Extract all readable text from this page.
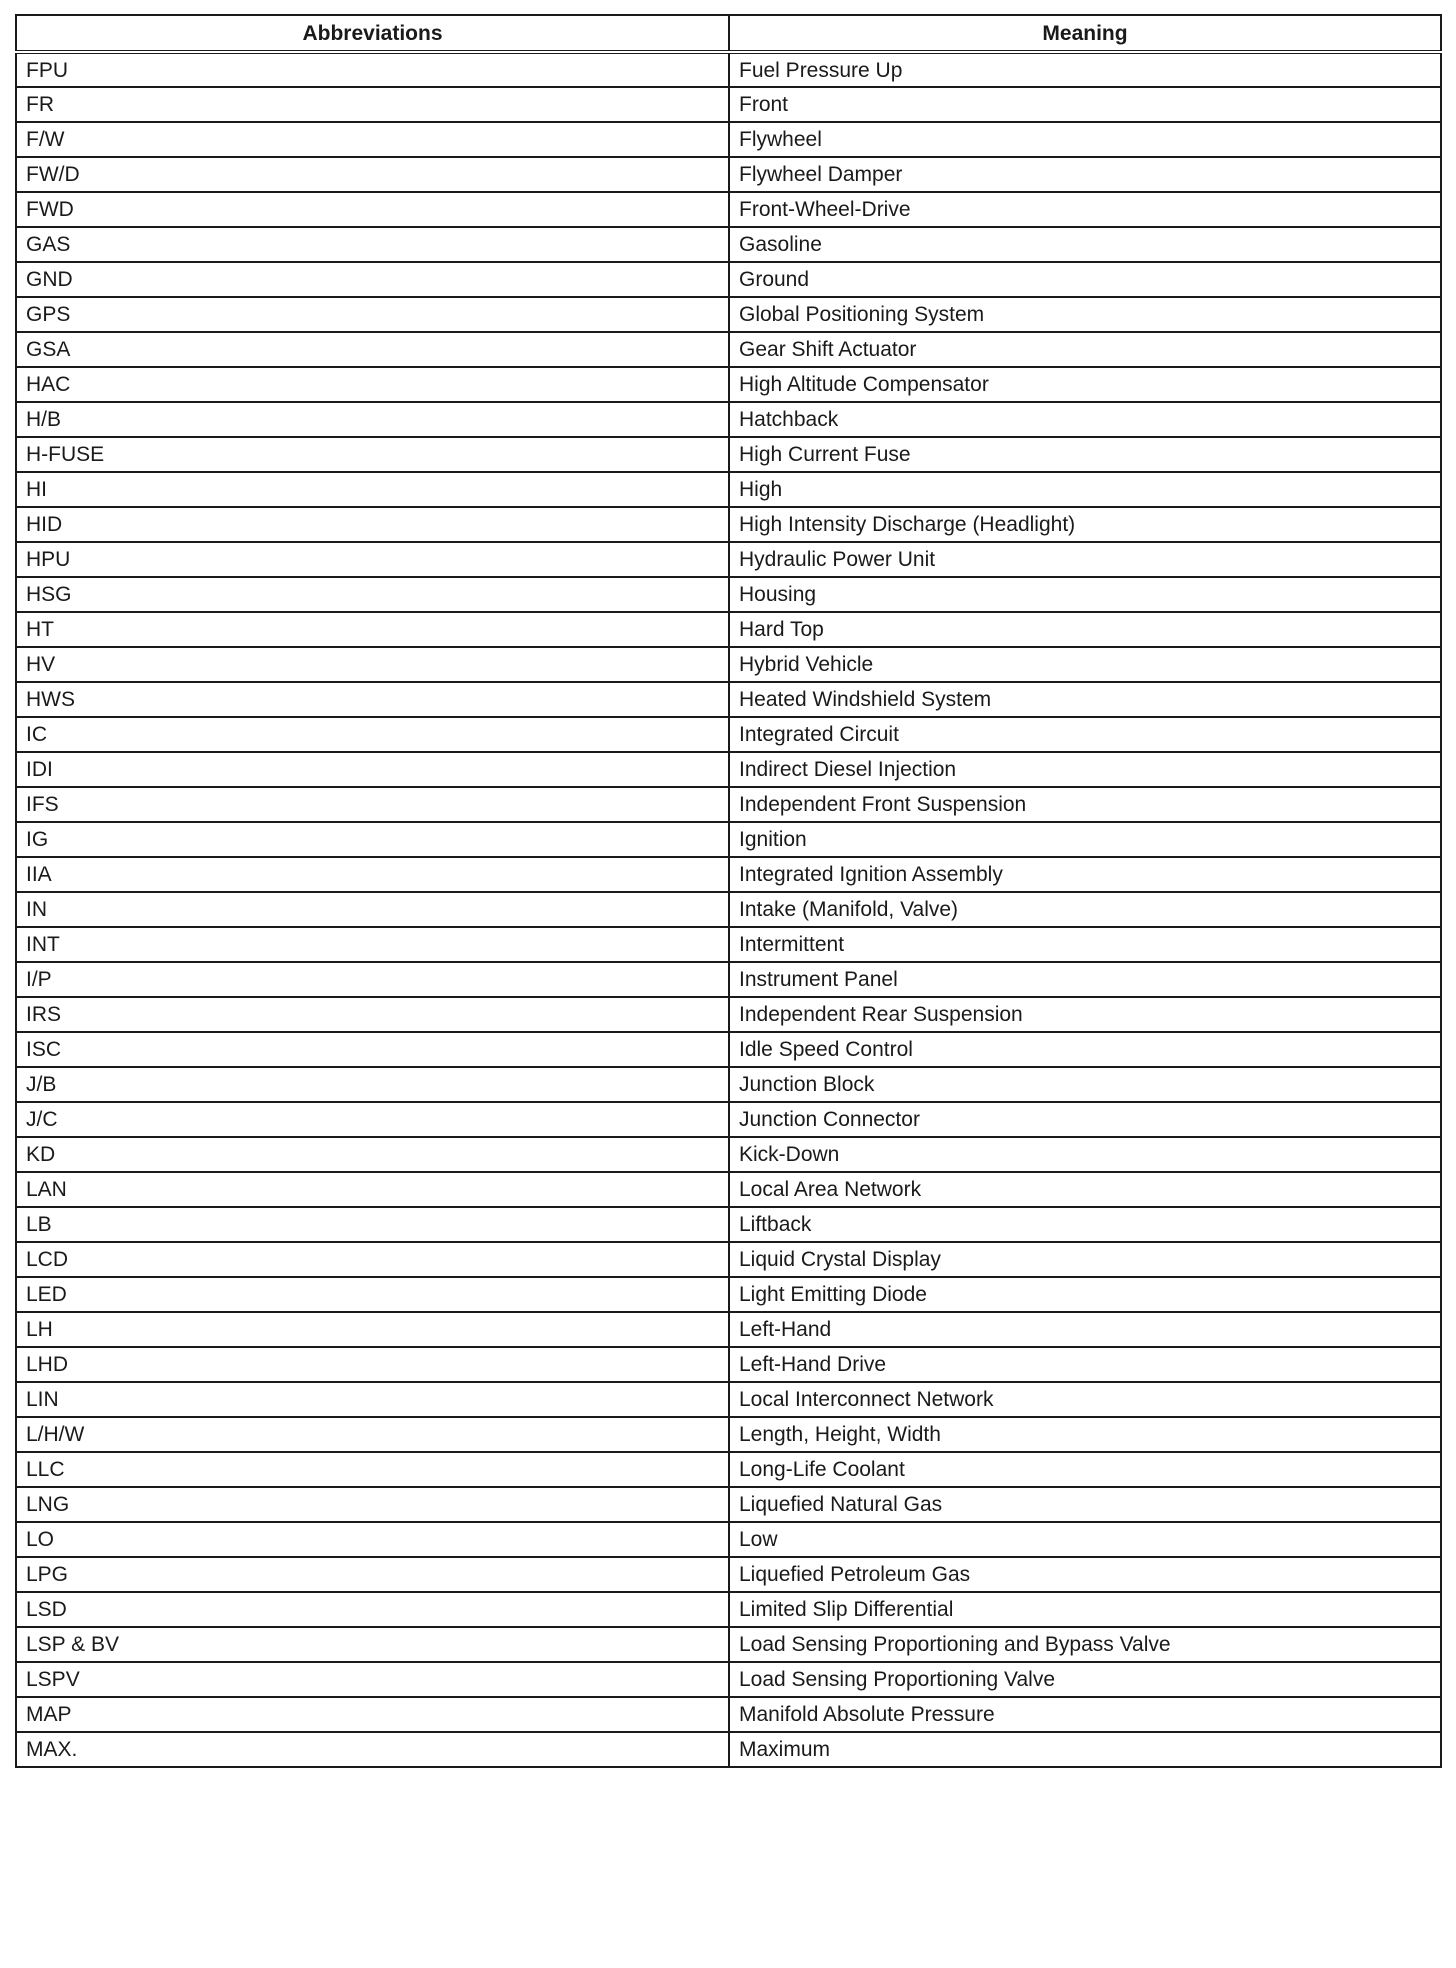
Abbreviations	Meaning
FPU	Fuel Pressure Up
FR	Front
F/W	Flywheel
FW/D	Flywheel Damper
FWD	Front-Wheel-Drive
GAS	Gasoline
GND	Ground
GPS	Global Positioning System
GSA	Gear Shift Actuator
HAC	High Altitude Compensator
H/B	Hatchback
H-FUSE	High Current Fuse
HI	High
HID	High Intensity Discharge (Headlight)
HPU	Hydraulic Power Unit
HSG	Housing
HT	Hard Top
HV	Hybrid Vehicle
HWS	Heated Windshield System
IC	Integrated Circuit
IDI	Indirect Diesel Injection
IFS	Independent Front Suspension
IG	Ignition
IIA	Integrated Ignition Assembly
IN	Intake (Manifold, Valve)
INT	Intermittent
I/P	Instrument Panel
IRS	Independent Rear Suspension
ISC	Idle Speed Control
J/B	Junction Block
J/C	Junction Connector
KD	Kick-Down
LAN	Local Area Network
LB	Liftback
LCD	Liquid Crystal Display
LED	Light Emitting Diode
LH	Left-Hand
LHD	Left-Hand Drive
LIN	Local Interconnect Network
L/H/W	Length, Height, Width
LLC	Long-Life Coolant
LNG	Liquefied Natural Gas
LO	Low
LPG	Liquefied Petroleum Gas
LSD	Limited Slip Differential
LSP & BV	Load Sensing Proportioning and Bypass Valve
LSPV	Load Sensing Proportioning Valve
MAP	Manifold Absolute Pressure
MAX.	Maximum
